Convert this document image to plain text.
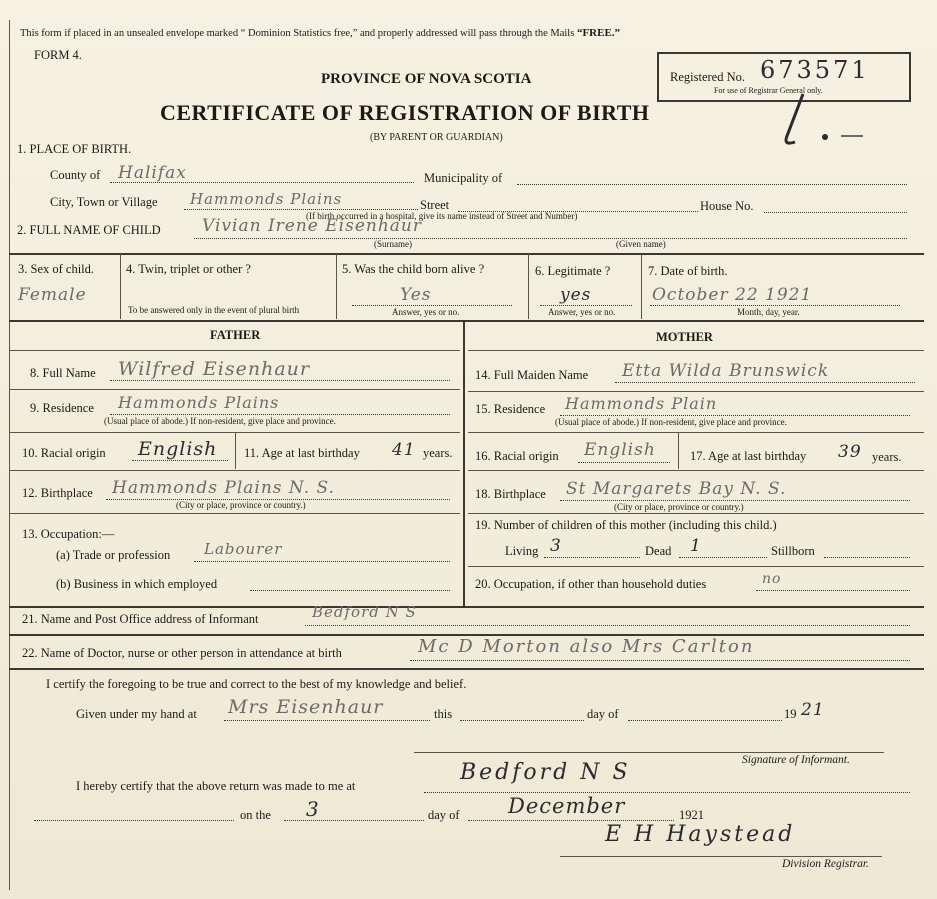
This form if placed in an unsealed envelope marked “ Dominion Statistics free,” and properly addressed will pass through the Mails “FREE.”
FORM 4.
PROVINCE OF NOVA SCOTIA
CERTIFICATE OF REGISTRATION OF BIRTH
(BY PARENT OR GUARDIAN)
Registered No. 673571
For use of Registrar General only.
1. PLACE OF BIRTH.
County of Halifax	Municipality of
City, Town or Village Hammonds Plains	Street
(If birth occurred in a hospital, give its name instead of Street and Number)
House No.
2. FULL NAME OF CHILD Vivian Irene Eisenhaur
(Surname)	(Given name)
3. Sex of child.
Female
4. Twin, triplet or other ?
To be answered only in the event of plural birth
5. Was the child born alive ?
Yes
Answer, yes or no.
6. Legitimate ?
yes
Answer, yes or no.
7. Date of birth.
October 22 1921
Month, day, year.
FATHER	MOTHER
8. Full Name Wilfred Eisenhaur
9. Residence Hammonds Plains
(Usual place of abode.) If non-resident, give place and province.
10. Racial origin English 11. Age at last birthday 41 years.
12. Birthplace Hammonds Plains N. S.
(City or place, province or country.)
13. Occupation:—
(a) Trade or profession Labourer
(b) Business in which employed
14. Full Maiden Name Etta Wilda Brunswick
15. Residence Hammonds Plain
(Usual place of abode.) If non-resident, give place and province.
16. Racial origin English	17. Age at last birthday 39 years.
18. Birthplace St Margarets Bay N. S.
(City or place, province or country.)
19. Number of children of this mother (including this child.)
Living 3	Dead 1	Stillborn
20. Occupation, if other than household duties	no
21. Name and Post Office address of Informant	Bedford N S
22. Name of Doctor, nurse or other person in attendance at birth	Mc D Morton also Mrs Carlton
I certify the foregoing to be true and correct to the best of my knowledge and belief.
Given under my hand at Mrs Eisenhaur	this	day of	19 21
Signature of Informant.
I hereby certify that the above return was made to me at
Bedford N S
on the 3	day of December	1921
E H Haystead
Division Registrar.
